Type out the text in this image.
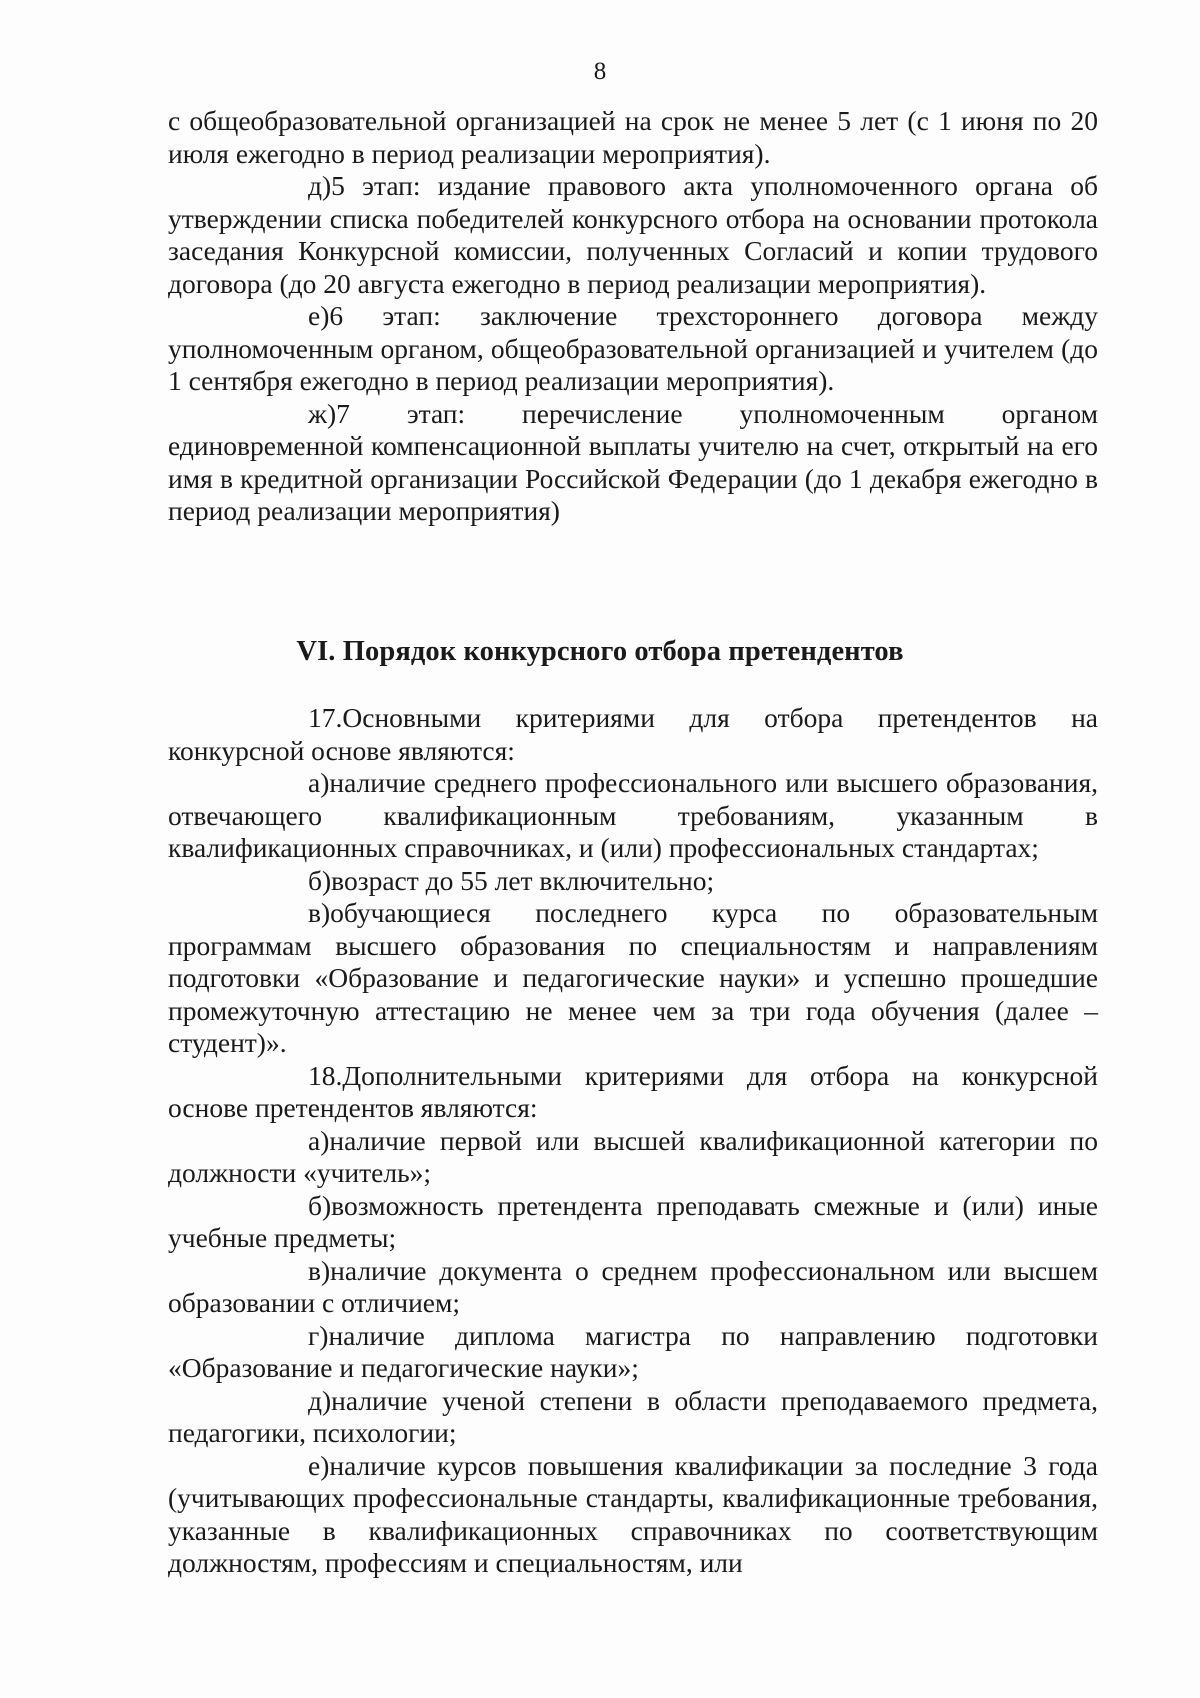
8

с общеобразовательной организацией на срок не менее 5 лет (с 1 июня по 20 июля ежегодно в период реализации мероприятия).

д)5 этап: издание правового акта уполномоченного органа об утверждении списка победителей конкурсного отбора на основании протокола заседания Конкурсной комиссии, полученных Согласий и копии трудового договора (до 20 августа ежегодно в период реализации мероприятия).

е)6 этап: заключение трехстороннего договора между уполномоченным органом, общеобразовательной организацией и учителем (до 1 сентября ежегодно в период реализации мероприятия).

ж)7 этап: перечисление уполномоченным органом единовременной компенсационной выплаты учителю на счет, открытый на его имя в кредитной организации Российской Федерации (до 1 декабря ежегодно в период реализации мероприятия)

VI. Порядок конкурсного отбора претендентов

17.Основными критериями для отбора претендентов на конкурсной основе являются:

а)наличие среднего профессионального или высшего образования, отвечающего квалификационным требованиям, указанным в квалификационных справочниках, и (или) профессиональных стандартах;

б)возраст до 55 лет включительно;

в)обучающиеся последнего курса по образовательным программам высшего образования по специальностям и направлениям подготовки «Образование и педагогические науки» и успешно прошедшие промежуточную аттестацию не менее чем за три года обучения (далее – студент)».

18.Дополнительными критериями для отбора на конкурсной основе претендентов являются:

а)наличие первой или высшей квалификационной категории по должности «учитель»;

б)возможность претендента преподавать смежные и (или) иные учебные предметы;

в)наличие документа о среднем профессиональном или высшем образовании с отличием;

г)наличие диплома магистра по направлению подготовки «Образование и педагогические науки»;

д)наличие ученой степени в области преподаваемого предмета, педагогики, психологии;

е)наличие курсов повышения квалификации за последние 3 года (учитывающих профессиональные стандарты, квалификационные требования, указанные в квалификационных справочниках по соответствующим должностям, профессиям и специальностям, или
